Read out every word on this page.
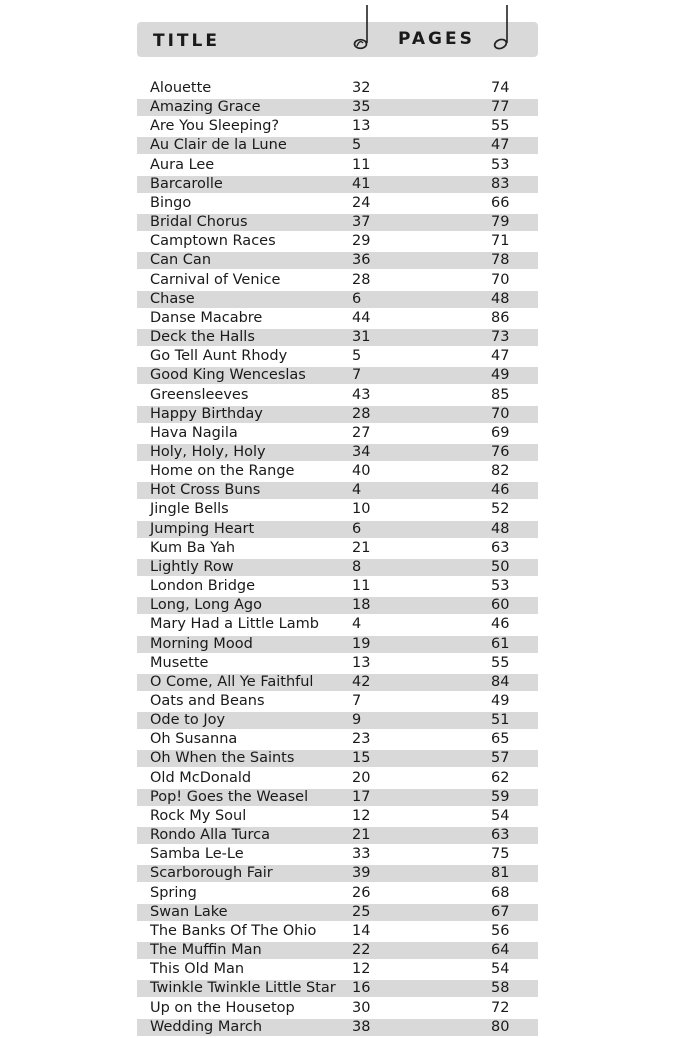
TITLE	PAGES
Alouette	32	74
Amazing Grace	35	77
Are You Sleeping?	13	55
Au Clair de la Lune	5	47
Aura Lee	11	53
Barcarolle	41	83
Bingo	24	66
Bridal Chorus	37	79
Camptown Races	29	71
Can Can	36	78
Carnival of Venice	28	70
Chase	6	48
Danse Macabre	44	86
Deck the Halls	31	73
Go Tell Aunt Rhody	5	47
Good King Wenceslas	7	49
Greensleeves	43	85
Happy Birthday	28	70
Hava Nagila	27	69
Holy, Holy, Holy	34	76
Home on the Range	40	82
Hot Cross Buns	4	46
Jingle Bells	10	52
Jumping Heart	6	48
Kum Ba Yah	21	63
Lightly Row	8	50
London Bridge	11	53
Long, Long Ago	18	60
Mary Had a Little Lamb 4	46
Morning Mood	19	61
Musette	13	55
O Come, All Ye Faithful	42	84
Oats and Beans	7	49
Ode to Joy	9	51
Oh Susanna	23	65
Oh When the Saints	15	57
Old McDonald	20	62
Pop! Goes the Weasel	17	59
Rock My Soul	12	54
Rondo Alla Turca	21	63
Samba Le-Le	33	75
Scarborough Fair	39	81
Spring	26	68
Swan Lake	25	67
The Banks Of The Ohio 14	56
The Muffin Man	22	64
This Old Man	12	54
Twinkle Twinkle Little Star 16	58
Up on the Housetop	30	72
Wedding March	38	80
